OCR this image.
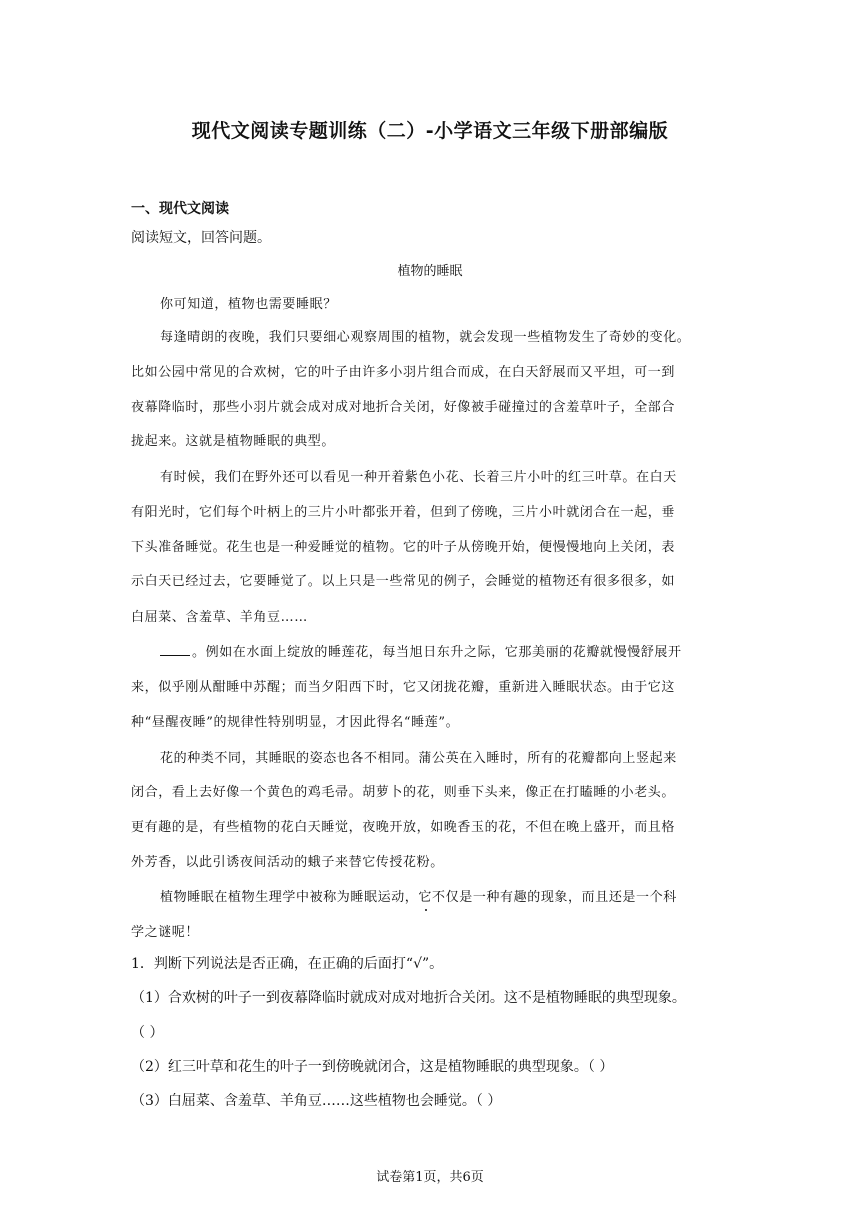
现代文阅读专题训练（二）-小学语文三年级下册部编版
一、现代文阅读
阅读短文，回答问题。
植物的睡眠
你可知道，植物也需要睡眠？
每逢晴朗的夜晚，我们只要细心观察周围的植物，就会发现一些植物发生了奇妙的变化。
比如公园中常见的合欢树，它的叶子由许多小羽片组合而成，在白天舒展而又平坦，可一到
夜幕降临时，那些小羽片就会成对成对地折合关闭，好像被手碰撞过的含羞草叶子，全部合
拢起来。这就是植物睡眠的典型。
有时候，我们在野外还可以看见一种开着紫色小花、长着三片小叶的红三叶草。在白天
有阳光时，它们每个叶柄上的三片小叶都张开着，但到了傍晚，三片小叶就闭合在一起，垂
下头准备睡觉。花生也是一种爱睡觉的植物。它的叶子从傍晚开始，便慢慢地向上关闭，表
示白天已经过去，它要睡觉了。以上只是一些常见的例子，会睡觉的植物还有很多很多，如
白屈菜、含羞草、羊角豆……
。例如在水面上绽放的睡莲花，每当旭日东升之际，它那美丽的花瓣就慢慢舒展开
来，似乎刚从酣睡中苏醒；而当夕阳西下时，它又闭拢花瓣，重新进入睡眠状态。由于它这
种“昼醒夜睡”的规律性特别明显，才因此得名“睡莲”。
花的种类不同，其睡眠的姿态也各不相同。蒲公英在入睡时，所有的花瓣都向上竖起来
闭合，看上去好像一个黄色的鸡毛帚。胡萝卜的花，则垂下头来，像正在打瞌睡的小老头。
更有趣的是，有些植物的花白天睡觉，夜晚开放，如晚香玉的花，不但在晚上盛开，而且格
外芳香，以此引诱夜间活动的蛾子来替它传授花粉。
植物睡眠在植物生理学中被称为睡眠运动，它不仅是一种有趣的现象，而且还是一个科
学之谜呢！
1．判断下列说法是否正确，在正确的后面打“√”。
（1）合欢树的叶子一到夜幕降临时就成对成对地折合关闭。这不是植物睡眠的典型现象。
（ ）
（2）红三叶草和花生的叶子一到傍晚就闭合，这是植物睡眠的典型现象。（ ）
（3）白屈菜、含羞草、羊角豆……这些植物也会睡觉。（ ）
试卷第1页，共6页
